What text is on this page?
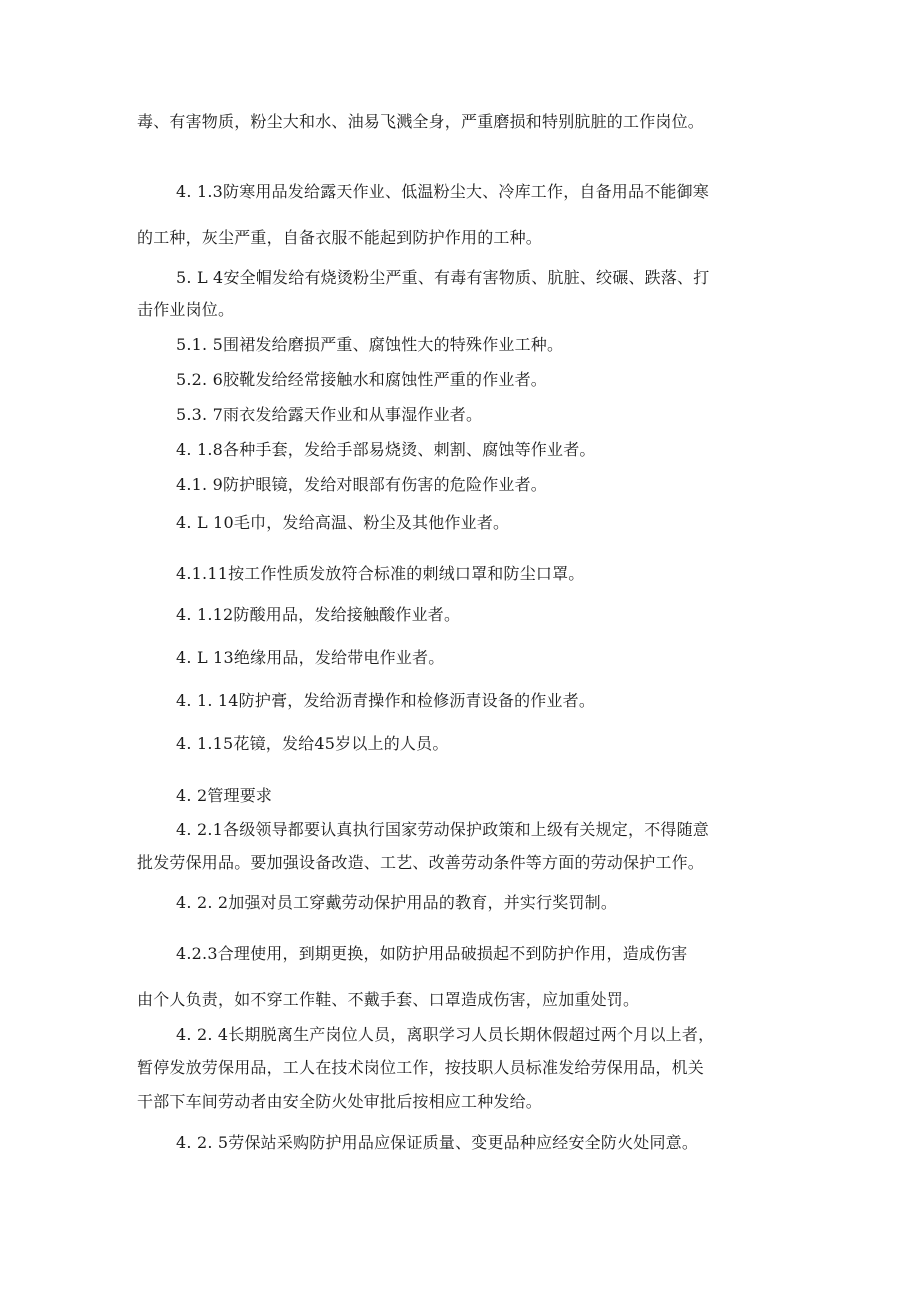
毒、有害物质，粉尘大和水、油易飞溅全身，严重磨损和特别肮脏的工作岗位。
4. 1.3防寒用品发给露天作业、低温粉尘大、冷库工作，自备用品不能御寒
的工种，灰尘严重，自备衣服不能起到防护作用的工种。
5. L 4安全帽发给有烧烫粉尘严重、有毒有害物质、肮脏、绞碾、跌落、打
击作业岗位。
5.1. 5围裙发给磨损严重、腐蚀性大的特殊作业工种。
5.2. 6胶靴发给经常接触水和腐蚀性严重的作业者。
5.3. 7雨衣发给露天作业和从事湿作业者。
4. 1.8各种手套，发给手部易烧烫、刺割、腐蚀等作业者。
4.1. 9防护眼镜，发给对眼部有伤害的危险作业者。
4. L 10毛巾，发给高温、粉尘及其他作业者。
4.1.11按工作性质发放符合标准的刺绒口罩和防尘口罩。
4. 1.12防酸用品，发给接触酸作业者。
4. L 13绝缘用品，发给带电作业者。
4. 1. 14防护膏，发给沥青操作和检修沥青设备的作业者。
4. 1.15花镜，发给45岁以上的人员。
4. 2管理要求
4. 2.1各级领导都要认真执行国家劳动保护政策和上级有关规定，不得随意
批发劳保用品。要加强设备改造、工艺、改善劳动条件等方面的劳动保护工作。
4. 2. 2加强对员工穿戴劳动保护用品的教育，并实行奖罚制。
4.2.3合理使用，到期更换，如防护用品破损起不到防护作用，造成伤害
由个人负责，如不穿工作鞋、不戴手套、口罩造成伤害，应加重处罚。
4. 2. 4长期脱离生产岗位人员，离职学习人员长期休假超过两个月以上者，
暂停发放劳保用品，工人在技术岗位工作，按技职人员标准发给劳保用品，机关
干部下车间劳动者由安全防火处审批后按相应工种发给。
4. 2. 5劳保站采购防护用品应保证质量、变更品种应经安全防火处同意。
